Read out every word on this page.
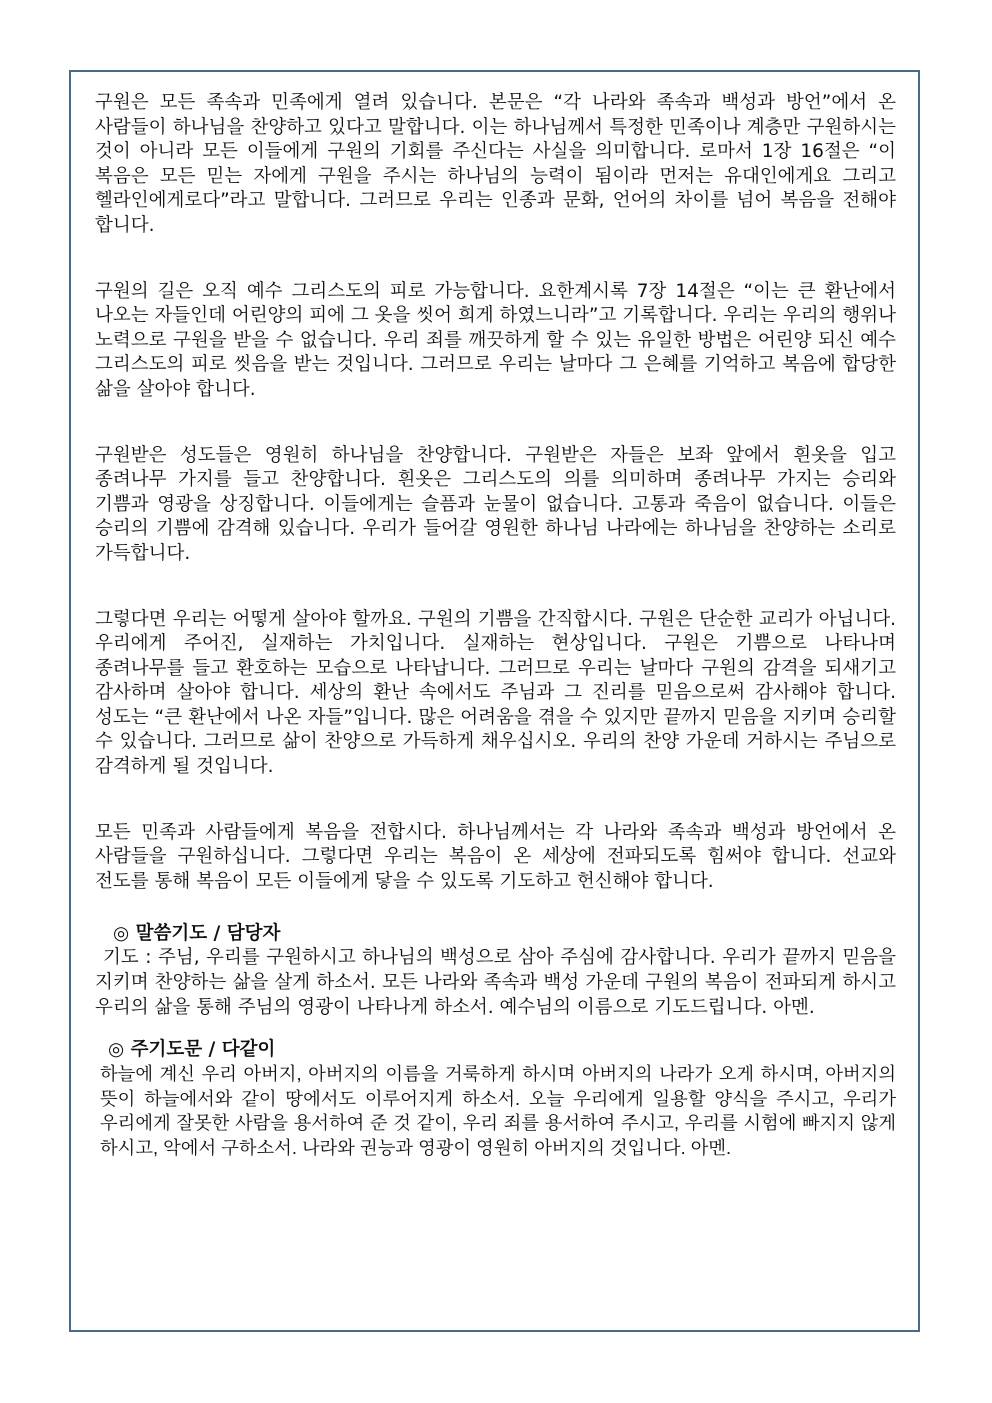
구원은 모든 족속과 민족에게 열려 있습니다. 본문은 “각 나라와 족속과 백성과 방언”에서 온 사람들이 하나님을 찬양하고 있다고 말합니다. 이는 하나님께서 특정한 민족이나 계층만 구원하시는 것이 아니라 모든 이들에게 구원의 기회를 주신다는 사실을 의미합니다. 로마서 1장 16절은 “이 복음은 모든 믿는 자에게 구원을 주시는 하나님의 능력이 됨이라 먼저는 유대인에게요 그리고 헬라인에게로다”라고 말합니다. 그러므로 우리는 인종과 문화, 언어의 차이를 넘어 복음을 전해야 합니다.

구원의 길은 오직 예수 그리스도의 피로 가능합니다. 요한계시록 7장 14절은 “이는 큰 환난에서 나오는 자들인데 어린양의 피에 그 옷을 씻어 희게 하였느니라”고 기록합니다. 우리는 우리의 행위나 노력으로 구원을 받을 수 없습니다. 우리 죄를 깨끗하게 할 수 있는 유일한 방법은 어린양 되신 예수 그리스도의 피로 씻음을 받는 것입니다. 그러므로 우리는 날마다 그 은혜를 기억하고 복음에 합당한 삶을 살아야 합니다.

구원받은 성도들은 영원히 하나님을 찬양합니다. 구원받은 자들은 보좌 앞에서 흰옷을 입고 종려나무 가지를 들고 찬양합니다. 흰옷은 그리스도의 의를 의미하며 종려나무 가지는 승리와 기쁨과 영광을 상징합니다. 이들에게는 슬픔과 눈물이 없습니다. 고통과 죽음이 없습니다. 이들은 승리의 기쁨에 감격해 있습니다. 우리가 들어갈 영원한 하나님 나라에는 하나님을 찬양하는 소리로 가득합니다.

그렇다면 우리는 어떻게 살아야 할까요. 구원의 기쁨을 간직합시다. 구원은 단순한 교리가 아닙니다. 우리에게 주어진, 실재하는 가치입니다. 실재하는 현상입니다. 구원은 기쁨으로 나타나며 종려나무를 들고 환호하는 모습으로 나타납니다. 그러므로 우리는 날마다 구원의 감격을 되새기고 감사하며 살아야 합니다. 세상의 환난 속에서도 주님과 그 진리를 믿음으로써 감사해야 합니다. 성도는 “큰 환난에서 나온 자들”입니다. 많은 어려움을 겪을 수 있지만 끝까지 믿음을 지키며 승리할 수 있습니다. 그러므로 삶이 찬양으로 가득하게 채우십시오. 우리의 찬양 가운데 거하시는 주님으로 감격하게 될 것입니다.

모든 민족과 사람들에게 복음을 전합시다. 하나님께서는 각 나라와 족속과 백성과 방언에서 온 사람들을 구원하십니다. 그렇다면 우리는 복음이 온 세상에 전파되도록 힘써야 합니다. 선교와 전도를 통해 복음이 모든 이들에게 닿을 수 있도록 기도하고 헌신해야 합니다.

◎ 말씀기도 / 담당자

기도 : 주님, 우리를 구원하시고 하나님의 백성으로 삼아 주심에 감사합니다. 우리가 끝까지 믿음을 지키며 찬양하는 삶을 살게 하소서. 모든 나라와 족속과 백성 가운데 구원의 복음이 전파되게 하시고 우리의 삶을 통해 주님의 영광이 나타나게 하소서. 예수님의 이름으로 기도드립니다. 아멘.

◎ 주기도문 / 다같이

하늘에 계신 우리 아버지, 아버지의 이름을 거룩하게 하시며 아버지의 나라가 오게 하시며, 아버지의 뜻이 하늘에서와 같이 땅에서도 이루어지게 하소서. 오늘 우리에게 일용할 양식을 주시고, 우리가 우리에게 잘못한 사람을 용서하여 준 것 같이, 우리 죄를 용서하여 주시고, 우리를 시험에 빠지지 않게 하시고, 악에서 구하소서. 나라와 권능과 영광이 영원히 아버지의 것입니다. 아멘.
